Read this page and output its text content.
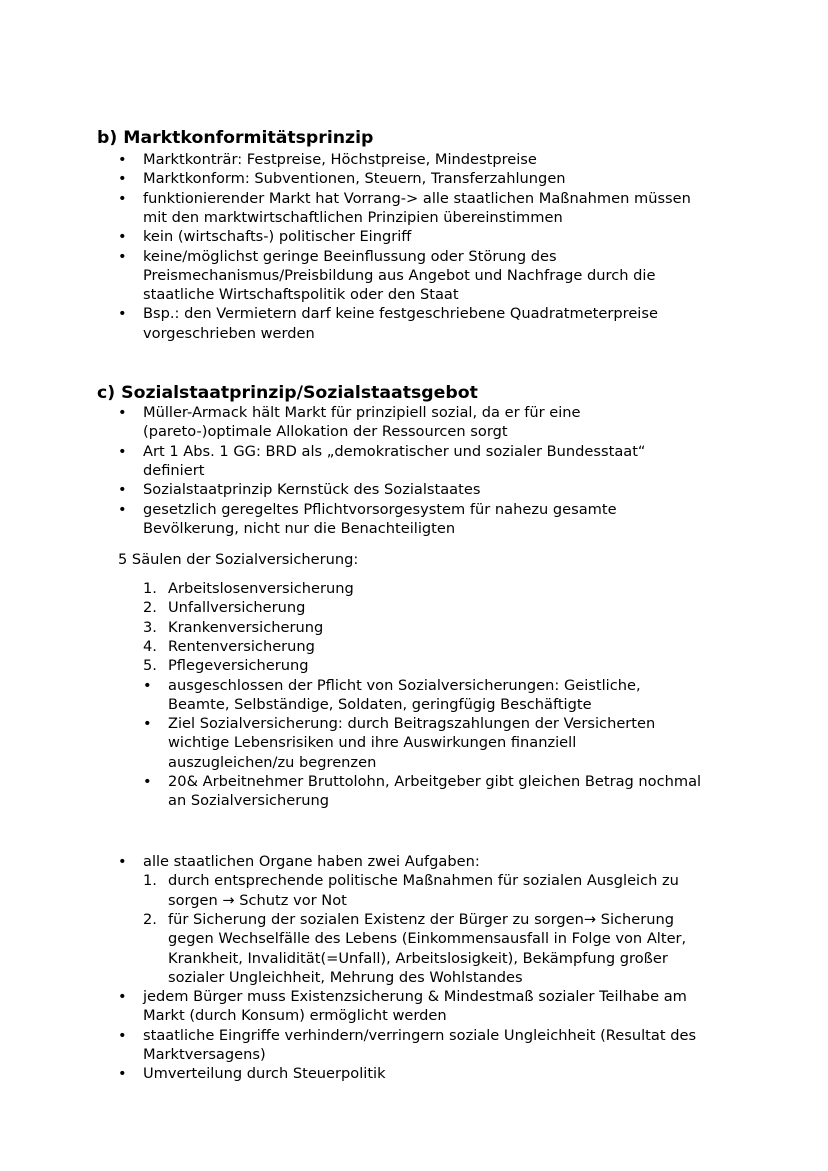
b) Marktkonformitätsprinzip
• Marktkonträr: Festpreise, Höchstpreise, Mindestpreise
• Marktkonform: Subventionen, Steuern, Transferzahlungen
• funktionierender Markt hat Vorrang-> alle staatlichen Maßnahmen müssen
mit den marktwirtschaftlichen Prinzipien übereinstimmen
• kein (wirtschafts-) politischer Eingriff
• keine/möglichst geringe Beeinflussung oder Störung des
Preismechanismus/Preisbildung aus Angebot und Nachfrage durch die
staatliche Wirtschaftspolitik oder den Staat
• Bsp.: den Vermietern darf keine festgeschriebene Quadratmeterpreise
vorgeschrieben werden
c) Sozialstaatprinzip/Sozialstaatsgebot
• Müller-Armack hält Markt für prinzipiell sozial, da er für eine
(pareto-)optimale Allokation der Ressourcen sorgt
• Art 1 Abs. 1 GG: BRD als „demokratischer und sozialer Bundesstaat“
definiert
• Sozialstaatprinzip Kernstück des Sozialstaates
• gesetzlich geregeltes Pflichtvorsorgesystem für nahezu gesamte
Bevölkerung, nicht nur die Benachteiligten
5 Säulen der Sozialversicherung:
1. Arbeitslosenversicherung
2. Unfallversicherung
3. Krankenversicherung
4. Rentenversicherung
5. Pflegeversicherung
• ausgeschlossen der Pflicht von Sozialversicherungen: Geistliche,
Beamte, Selbständige, Soldaten, geringfügig Beschäftigte
• Ziel Sozialversicherung: durch Beitragszahlungen der Versicherten
wichtige Lebensrisiken und ihre Auswirkungen finanziell
auszugleichen/zu begrenzen
• 20& Arbeitnehmer Bruttolohn, Arbeitgeber gibt gleichen Betrag nochmal
an Sozialversicherung
• alle staatlichen Organe haben zwei Aufgaben:
1. durch entsprechende politische Maßnahmen für sozialen Ausgleich zu
sorgen → Schutz vor Not
2. für Sicherung der sozialen Existenz der Bürger zu sorgen→ Sicherung
gegen Wechselfälle des Lebens (Einkommensausfall in Folge von Alter,
Krankheit, Invalidität(=Unfall), Arbeitslosigkeit), Bekämpfung großer
sozialer Ungleichheit, Mehrung des Wohlstandes
• jedem Bürger muss Existenzsicherung & Mindestmaß sozialer Teilhabe am
Markt (durch Konsum) ermöglicht werden
• staatliche Eingriffe verhindern/verringern soziale Ungleichheit (Resultat des
Marktversagens)
• Umverteilung durch Steuerpolitik
